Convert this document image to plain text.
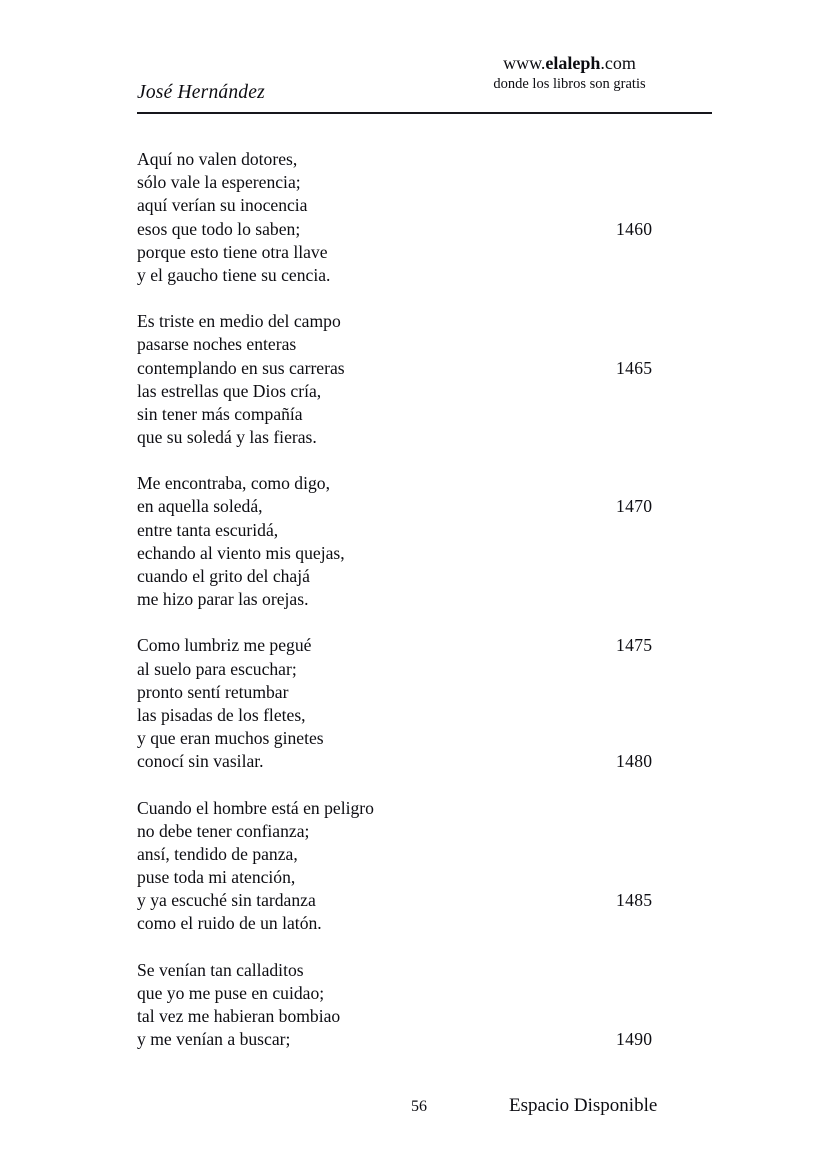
José Hernández
www.elaleph.com
donde los libros son gratis
Aquí no valen dotores,
sólo vale la esperencia;
aquí verían su inocencia
esos que todo lo saben;	1460
porque esto tiene otra llave
y el gaucho tiene su cencia.
Es triste en medio del campo
pasarse noches enteras
contemplando en sus carreras	1465
las estrellas que Dios cría,
sin tener más compañía
que su soledá y las fieras.
Me encontraba, como digo,
en aquella soledá,	1470
entre tanta escuridá,
echando al viento mis quejas,
cuando el grito del chajá
me hizo parar las orejas.
Como lumbriz me pegué	1475
al suelo para escuchar;
pronto sentí retumbar
las pisadas de los fletes,
y que eran muchos ginetes
conocí sin vasilar.	1480
Cuando el hombre está en peligro
no debe tener confianza;
ansí, tendido de panza,
puse toda mi atención,
y ya escuché sin tardanza	1485
como el ruido de un latón.
Se venían tan calladitos
que yo me puse en cuidao;
tal vez me habieran bombiao
y me venían a buscar;	1490
56	Espacio Disponible
